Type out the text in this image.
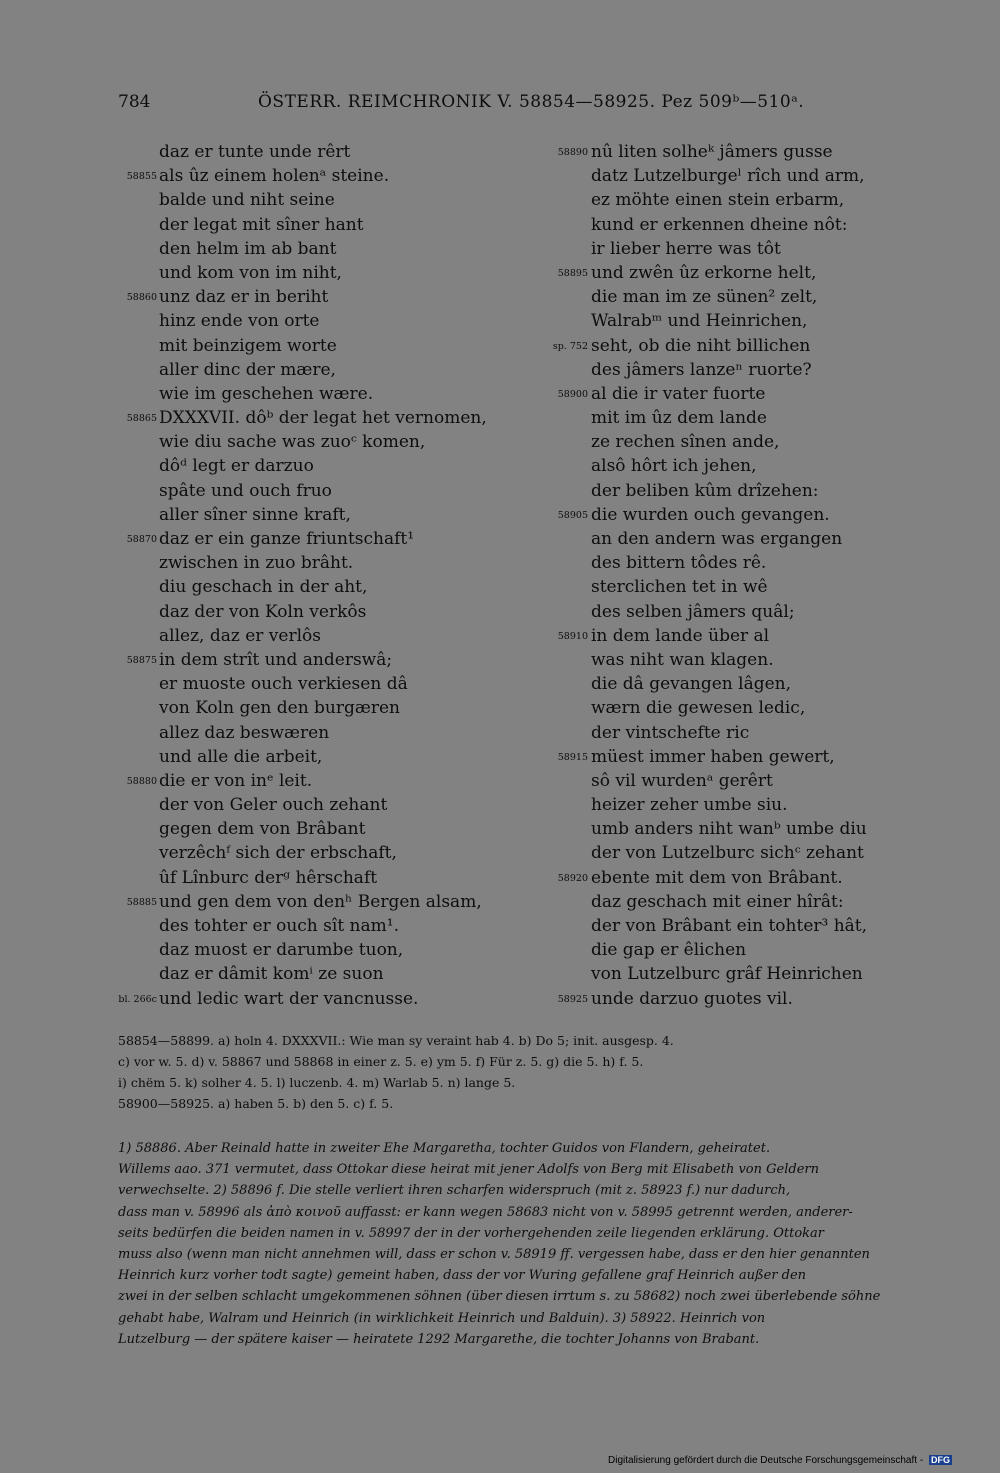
784	ÖSTERR. REIMCHRONIK V. 58854—58925. Pez 509ᵇ—510ᵃ.
daz er tunte unde rêrt
58855 als ûz einem holenᵃ steine.
balde und niht seine
der legat mit sîner hant
den helm im ab bant
und kom von im niht,
58860 unz daz er in beriht
hinz ende von orte
mit beinzigem worte
aller dinc der mære,
wie im geschehen wære.
58865 DXXXVII. dôᵇ der legat het vernomen,
wie diu sache was zuoᶜ komen,
dôᵈ legt er darzuo
spâte und ouch fruo
aller sîner sinne kraft,
58870 daz er ein ganze friuntschaft¹
zwischen in zuo brâht.
diu geschach in der aht,
daz der von Koln verkôs
allez, daz er verlôs
58875 in dem strît und anderswâ;
er muoste ouch verkiesen dâ
von Koln gen den burgæren
allez daz beswæren
und alle die arbeit,
58880 die er von inᵉ leit.
der von Geler ouch zehant
gegen dem von Brâbant
verzêchᶠ sich der erbschaft,
ûf Lînburc derᵍ hêrschaft
58885 und gen dem von denʰ Bergen alsam,
des tohter er ouch sît nam¹.
daz muost er darumbe tuon,
daz er dâmit komⁱ ze suon
bl. 266c und ledic wart der vancnusse.
58890 nû liten solheᵏ jâmers gusse
datz Lutzelburgeˡ rîch und arm,
ez möhte einen stein erbarm,
kund er erkennen dheine nôt:
ir lieber herre was tôt
58895 und zwên ûz erkorne helt,
die man im ze sünen² zelt,
Walrabᵐ und Heinrichen,
sp. 752 seht, ob die niht billichen
des jâmers lanzeⁿ ruorte?
58900 al die ir vater fuorte
mit im ûz dem lande
ze rechen sînen ande,
alsô hôrt ich jehen,
der beliben kûm drîzehen:
58905 die wurden ouch gevangen.
an den andern was ergangen
des bittern tôdes rê.
sterclichen tet in wê
des selben jâmers quâl;
58910 in dem lande über al
was niht wan klagen.
die dâ gevangen lâgen,
wærn die gewesen ledic,
der vintschefte ric
58915 müest immer haben gewert,
sô vil wurdenᵃ gerêrt
heizer zeher umbe siu.
umb anders niht wanᵇ umbe diu
der von Lutzelburc sichᶜ zehant
58920 ebente mit dem von Brâbant.
daz geschach mit einer hîrât:
der von Brâbant ein tohter³ hât,
die gap er êlichen
von Lutzelburc grâf Heinrichen
58925 unde darzuo guotes vil.
58854—58899. a) holn 4. DXXXVII.: Wie man sy veraint hab 4. b) Do 5; init. ausgesp. 4.
c) vor w. 5. d) v. 58867 und 58868 in einer z. 5. e) ym 5. f) Für z. 5. g) die 5. h) f. 5.
i) chëm 5. k) solher 4. 5. l) luczenb. 4. m) Warlab 5. n) lange 5.
58900—58925. a) haben 5. b) den 5. c) f. 5.
1) 58886. Aber Reinald hatte in zweiter Ehe Margaretha, tochter Guidos von Flandern, geheiratet.
Willems aao. 371 vermutet, dass Ottokar diese heirat mit jener Adolfs von Berg mit Elisabeth von Geldern
verwechselte. 2) 58896 f. Die stelle verliert ihren scharfen widerspruch (mit z. 58923 f.) nur dadurch,
dass man v. 58996 als ἀπὸ κοινοῦ auffasst: er kann wegen 58683 nicht von v. 58995 getrennt werden, anderer-
seits bedürfen die beiden namen in v. 58997 der in der vorhergehenden zeile liegenden erklärung. Ottokar
muss also (wenn man nicht annehmen will, dass er schon v. 58919 ff. vergessen habe, dass er den hier genannten
Heinrich kurz vorher todt sagte) gemeint haben, dass der vor Wuring gefallene graf Heinrich außer den
zwei in der selben schlacht umgekommenen söhnen (über diesen irrtum s. zu 58682) noch zwei überlebende söhne
gehabt habe, Walram und Heinrich (in wirklichkeit Heinrich und Balduin). 3) 58922. Heinrich von
Lutzelburg — der spätere kaiser — heiratete 1292 Margarethe, die tochter Johanns von Brabant.
Digitalisierung gefördert durch die Deutsche Forschungsgemeinschaft - DFG
